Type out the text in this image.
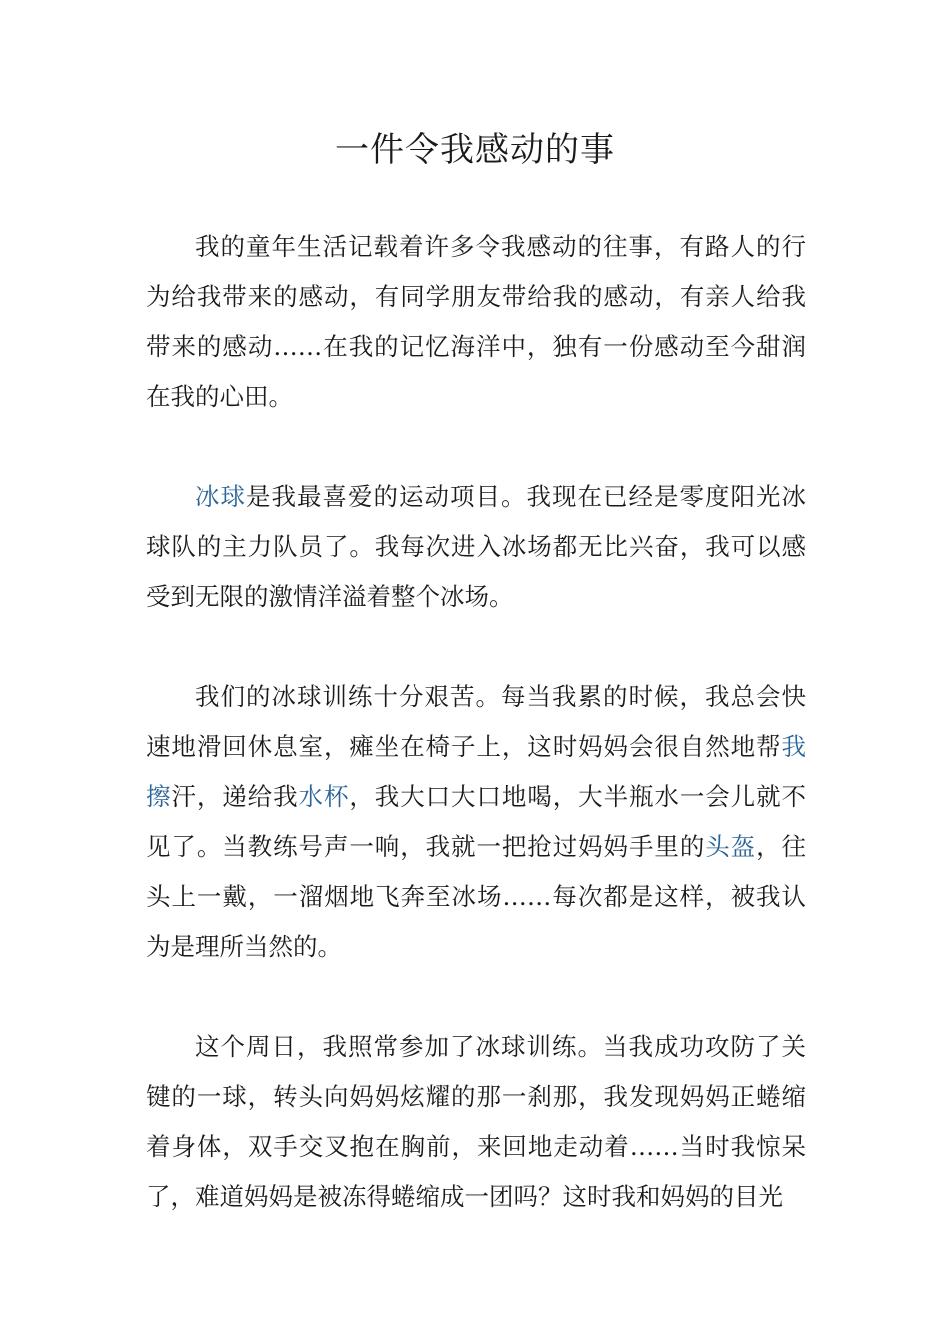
一件令我感动的事

我的童年生活记载着许多令我感动的往事，有路人的行为给我带来的感动，有同学朋友带给我的感动，有亲人给我带来的感动……在我的记忆海洋中，独有一份感动至今甜润在我的心田。

冰球是我最喜爱的运动项目。我现在已经是零度阳光冰球队的主力队员了。我每次进入冰场都无比兴奋，我可以感受到无限的激情洋溢着整个冰场。

我们的冰球训练十分艰苦。每当我累的时候，我总会快速地滑回休息室，瘫坐在椅子上，这时妈妈会很自然地帮我擦汗，递给我水杯，我大口大口地喝，大半瓶水一会儿就不见了。当教练号声一响，我就一把抢过妈妈手里的头盔，往头上一戴，一溜烟地飞奔至冰场……每次都是这样，被我认为是理所当然的。

这个周日，我照常参加了冰球训练。当我成功攻防了关键的一球，转头向妈妈炫耀的那一刹那，我发现妈妈正蜷缩着身体，双手交叉抱在胸前，来回地走动着……当时我惊呆了，难道妈妈是被冻得蜷缩成一团吗？这时我和妈妈的目光
